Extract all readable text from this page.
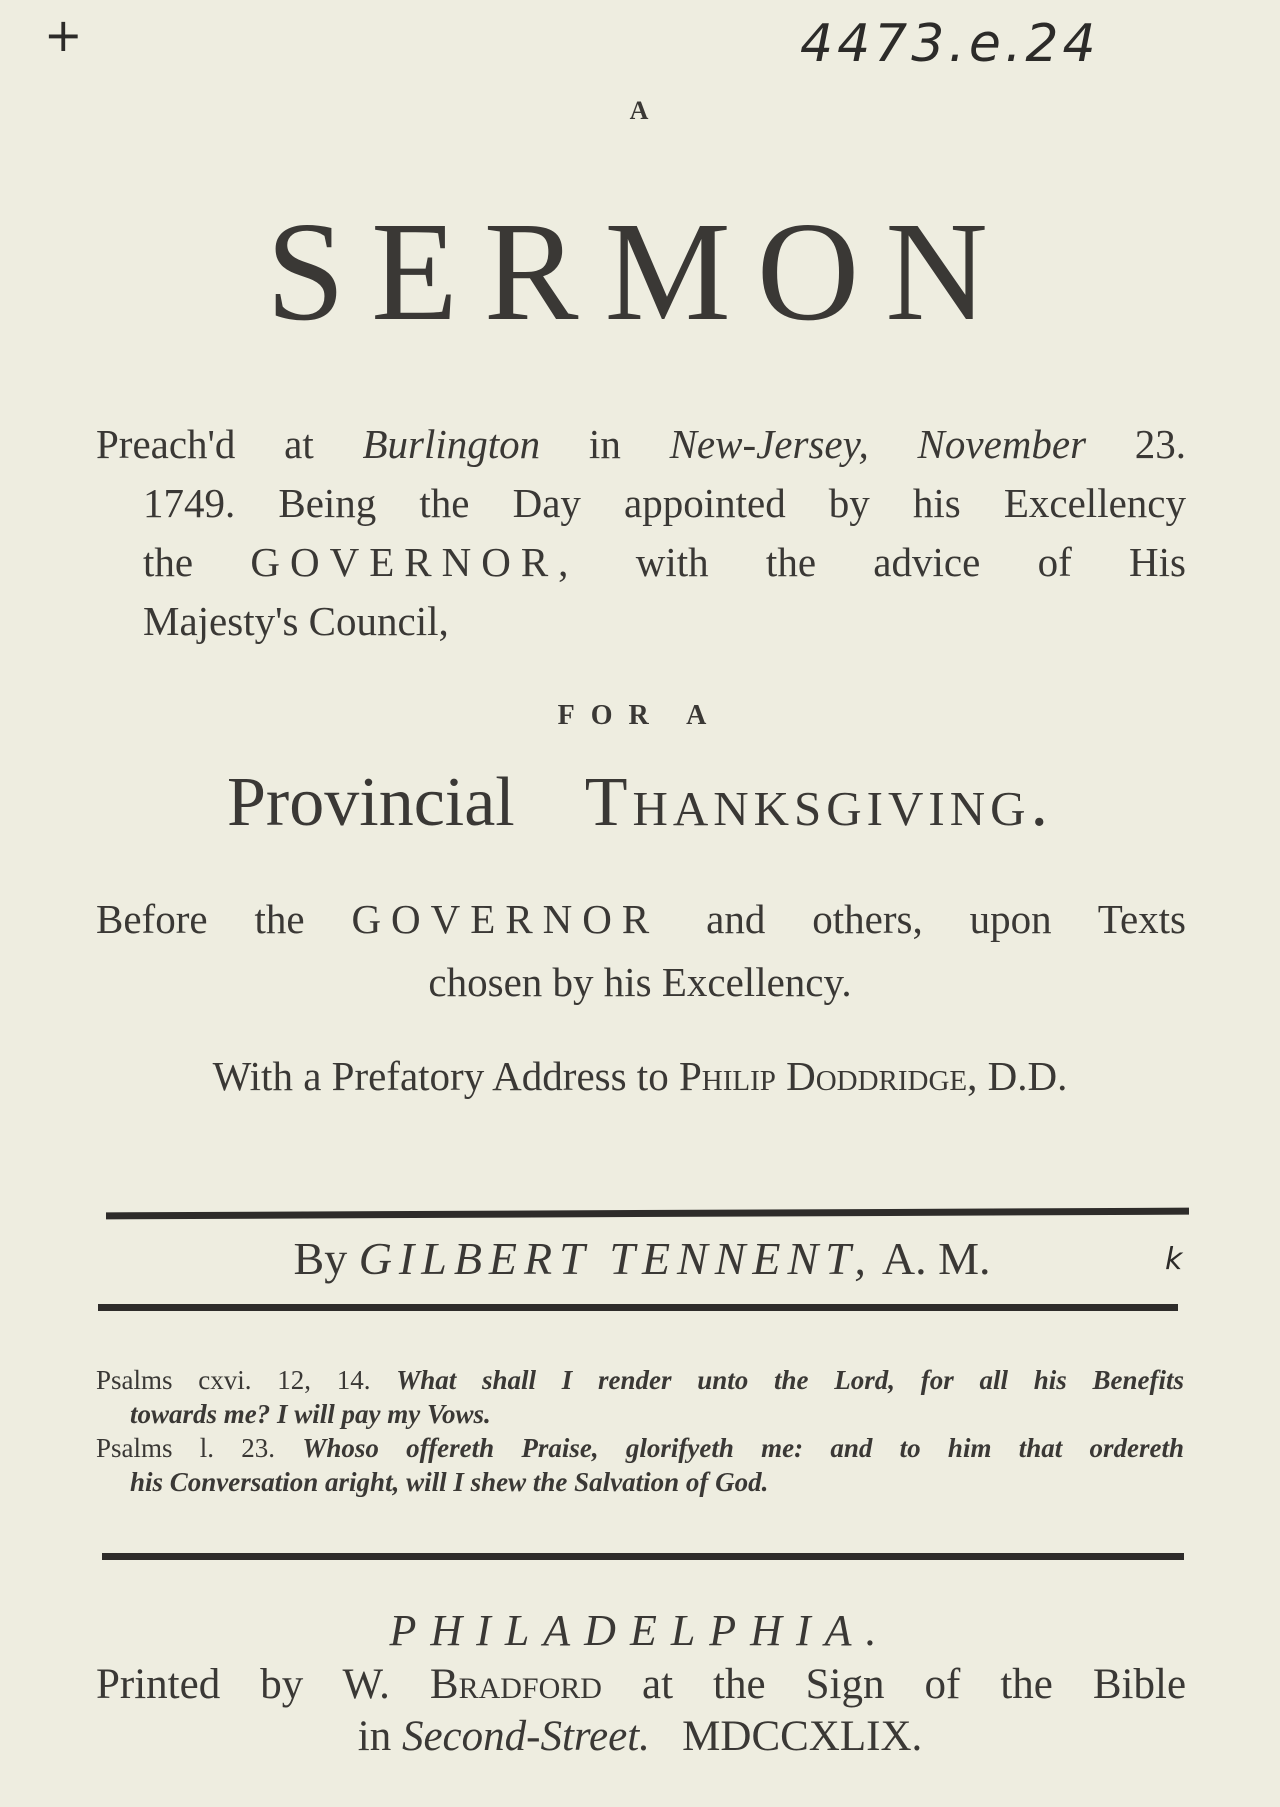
+	4473.e.24
A
SERMON
Preach'd at Burlington in New-Jersey, November 23.
1749. Being the Day appointed by his Excellency
the GOVERNOR, with the advice of His
Majesty's Council,
FOR A
Provincial Thanksgiving.
Before the GOVERNOR and others, upon Texts
chosen by his Excellency.
With a Prefatory Address to Philip Doddridge, D.D.
By GILBERT TENNENT, A. M.	k
Psalms cxvi. 12, 14. What shall I render unto the Lord, for all his Benefits
towards me? I will pay my Vows.
Psalms l. 23. Whoso offereth Praise, glorifyeth me: and to him that ordereth
his Conversation aright, will I shew the Salvation of God.
PHILADELPHIA.
Printed by W. Bradford at the Sign of the Bible
in Second-Street. MDCCXLIX.
